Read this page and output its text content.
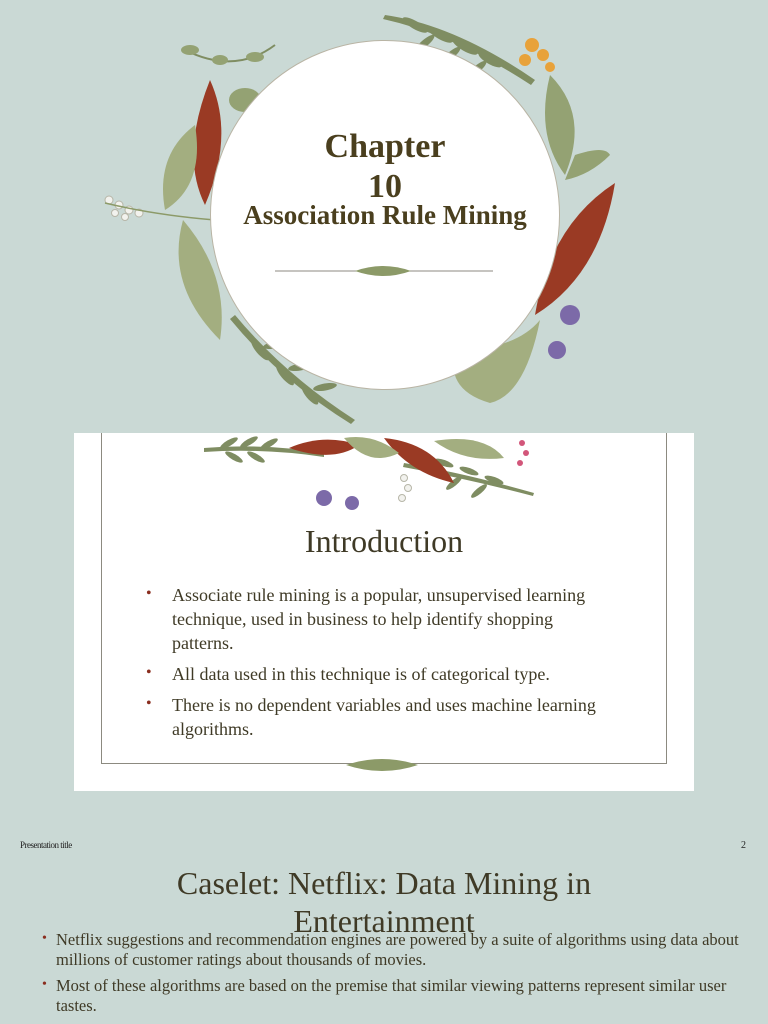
Chapter
10
Association Rule Mining
Introduction
• Associate rule mining is a popular, unsupervised learning technique, used in business to help identify shopping patterns.
• All data used in this technique is of categorical type.
• There is no dependent variables and uses machine learning algorithms.
Presentation title	2
Caselet: Netflix: Data Mining in Entertainment
• Netflix suggestions and recommendation engines are powered by a suite of algorithms using data about millions of customer ratings about thousands of movies.
• Most of these algorithms are based on the premise that similar viewing patterns represent similar user tastes.
